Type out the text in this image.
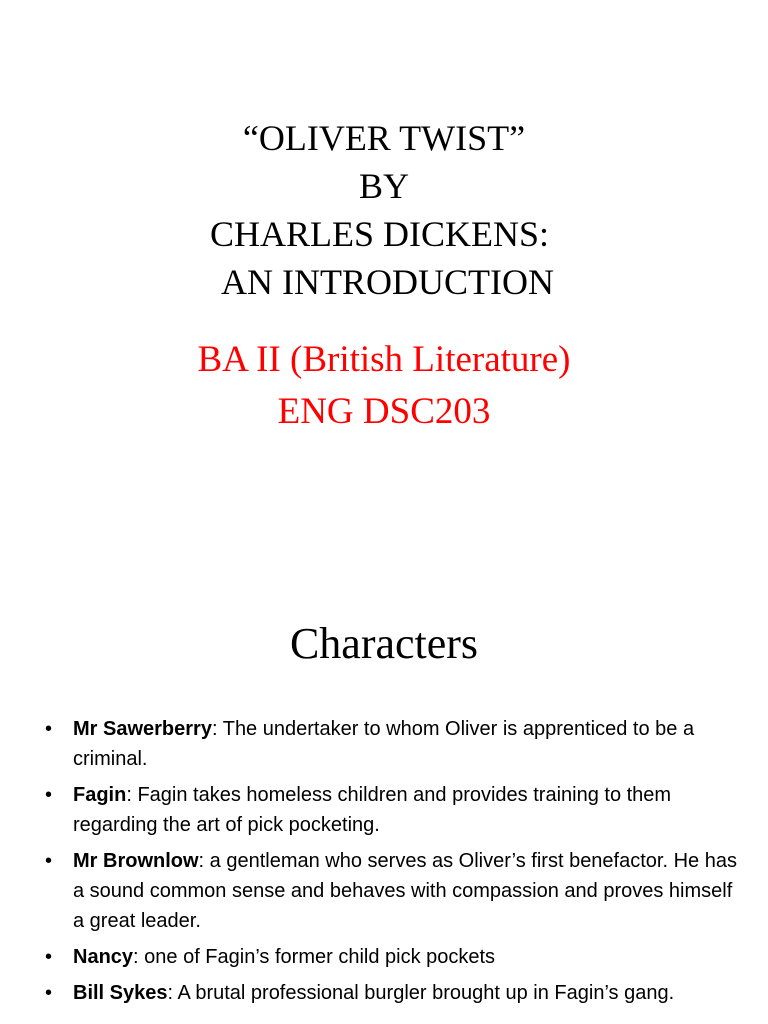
“OLIVER TWIST”
BY
CHARLES DICKENS:
AN INTRODUCTION
BA II (British Literature)
ENG DSC203
Characters
• Mr Sawerberry: The undertaker to whom Oliver is apprenticed to be a criminal.
• Fagin: Fagin takes homeless children and provides training to them regarding the art of pick pocketing.
• Mr Brownlow: a gentleman who serves as Oliver’s first benefactor. He has a sound common sense and behaves with compassion and proves himself a great leader.
• Nancy: one of Fagin’s former child pick pockets
• Bill Sykes: A brutal professional burgler brought up in Fagin’s gang.
